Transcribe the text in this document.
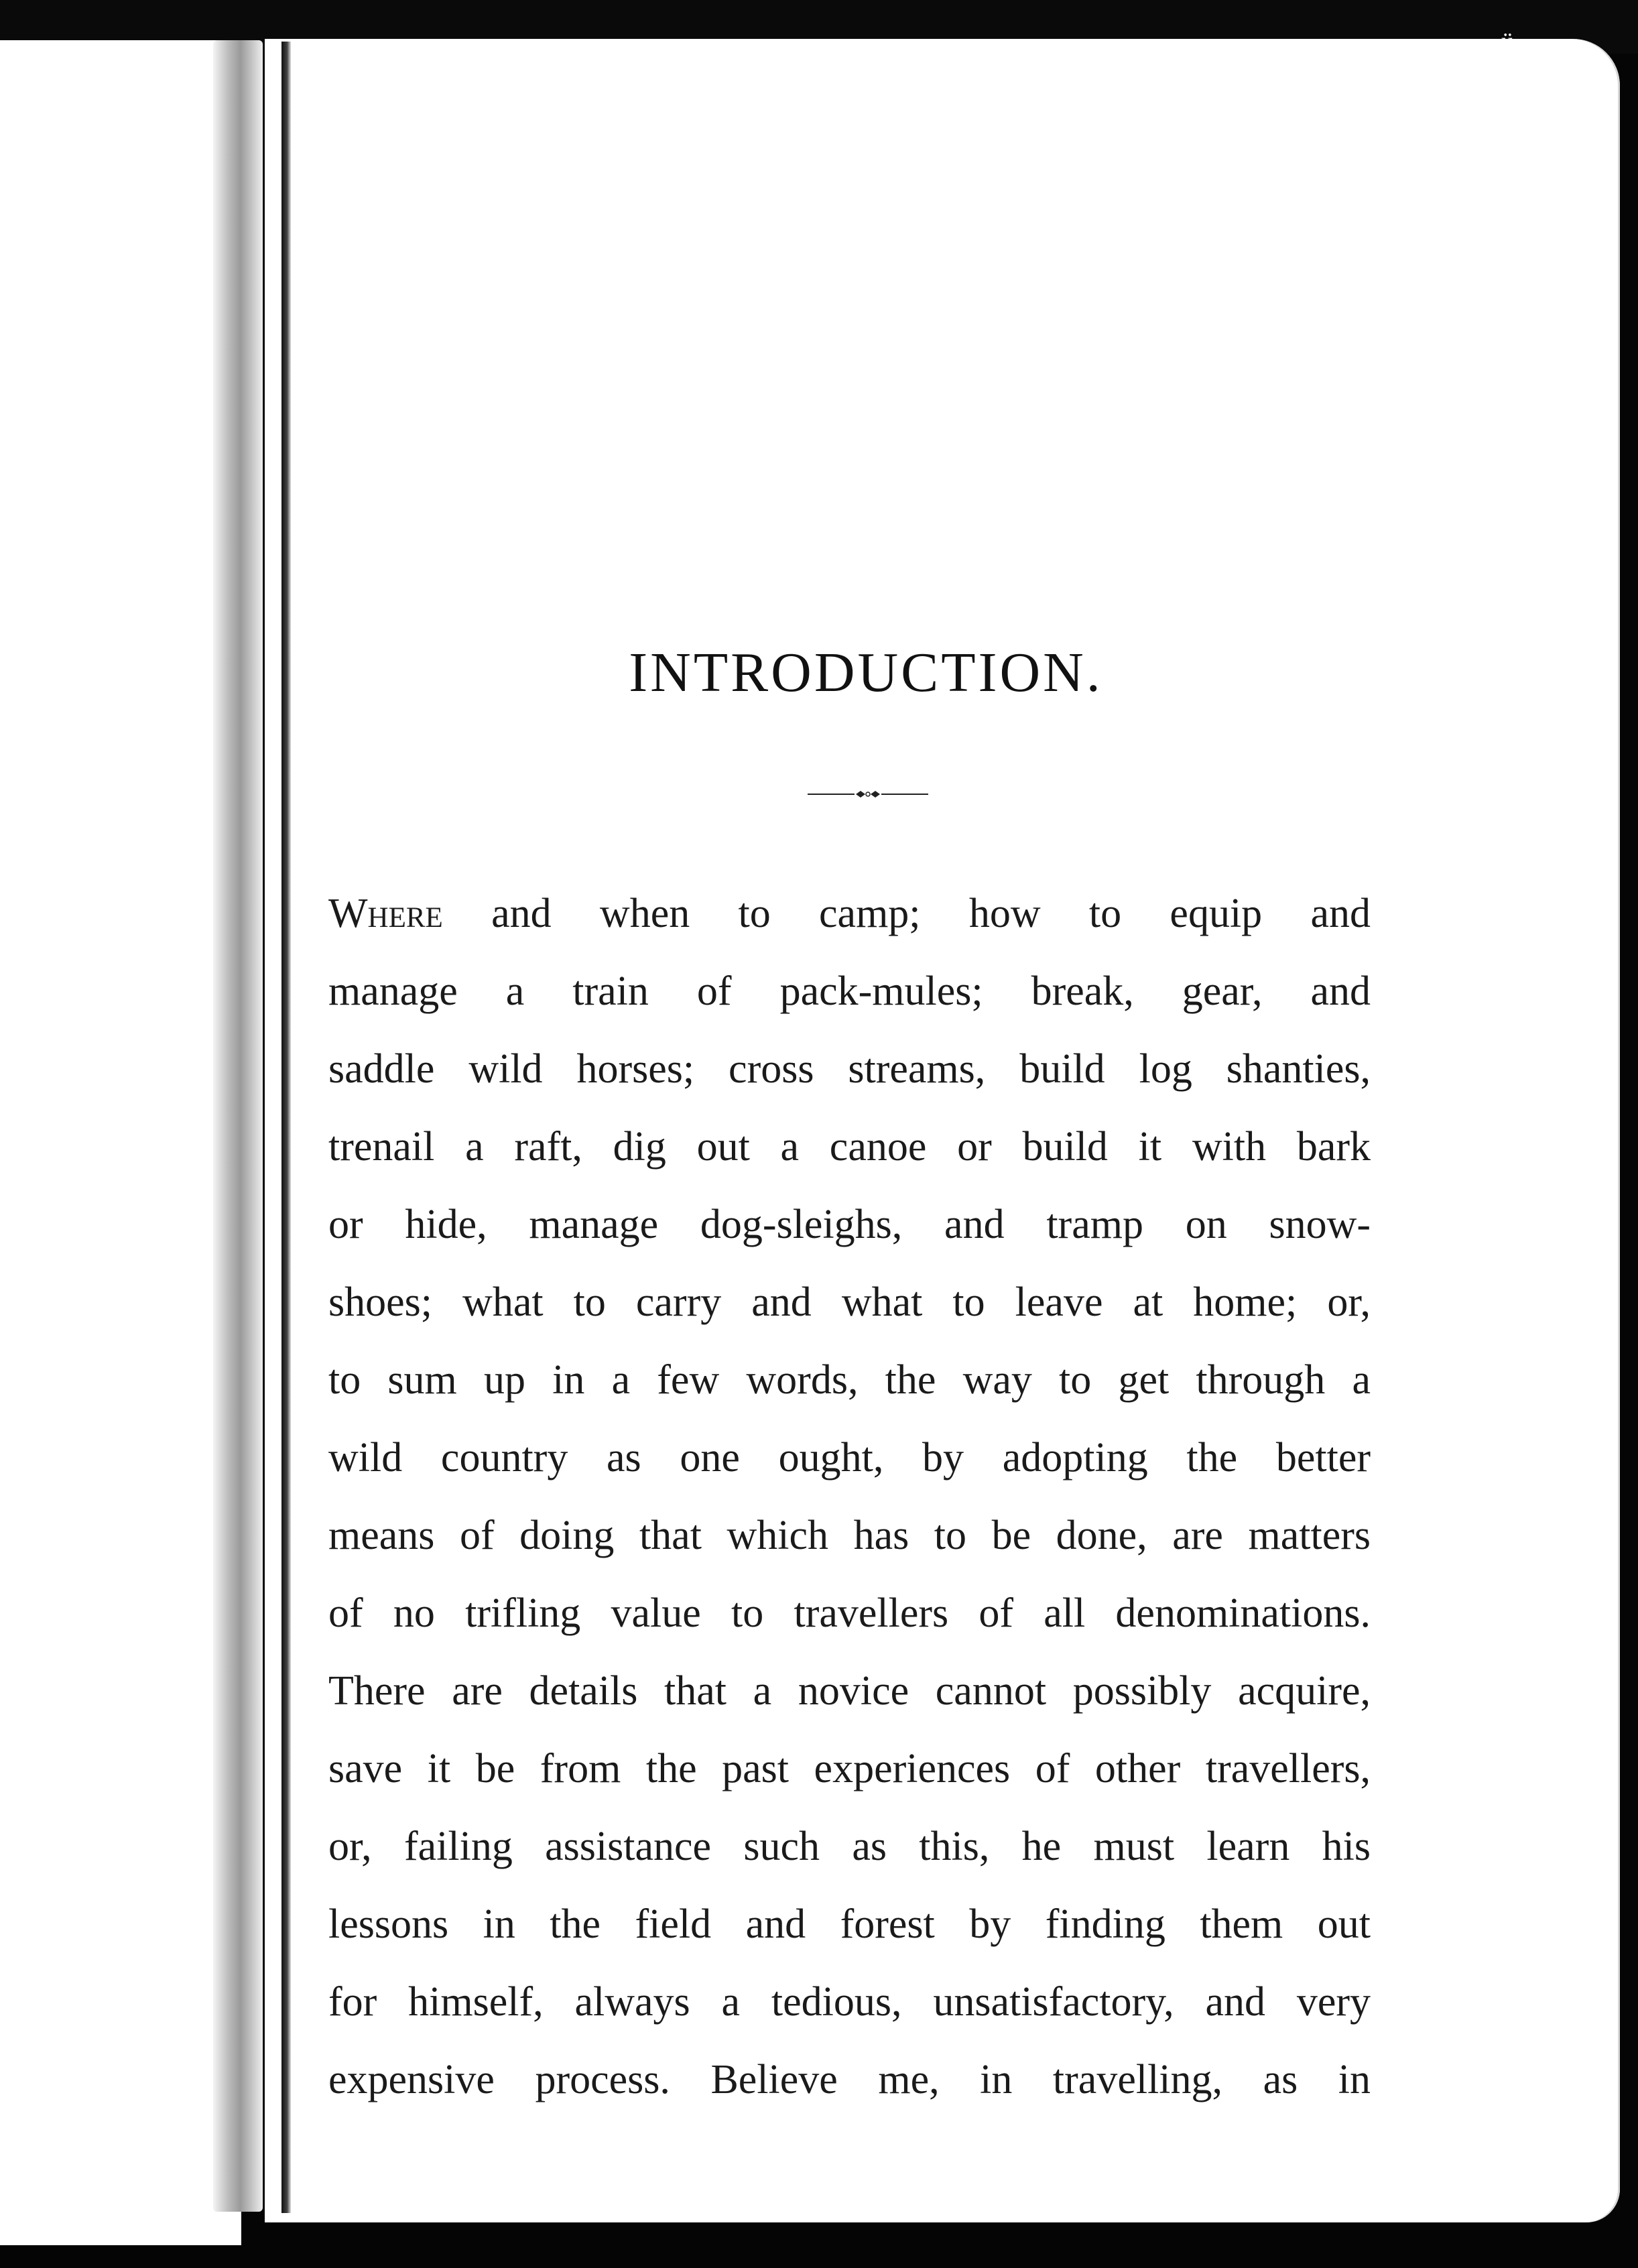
ü
INTRODUCTION.
Where and when to camp; how to equip and
manage a train of pack-mules; break, gear, and
saddle wild horses; cross streams, build log shanties,
trenail a raft, dig out a canoe or build it with bark
or hide, manage dog-sleighs, and tramp on snow-
shoes; what to carry and what to leave at home; or,
to sum up in a few words, the way to get through a
wild country as one ought, by adopting the better
means of doing that which has to be done, are matters
of no trifling value to travellers of all denominations.
There are details that a novice cannot possibly acquire,
save it be from the past experiences of other travellers,
or, failing assistance such as this, he must learn his
lessons in the field and forest by finding them out
for himself, always a tedious, unsatisfactory, and very
expensive process. Believe me, in travelling, as in
